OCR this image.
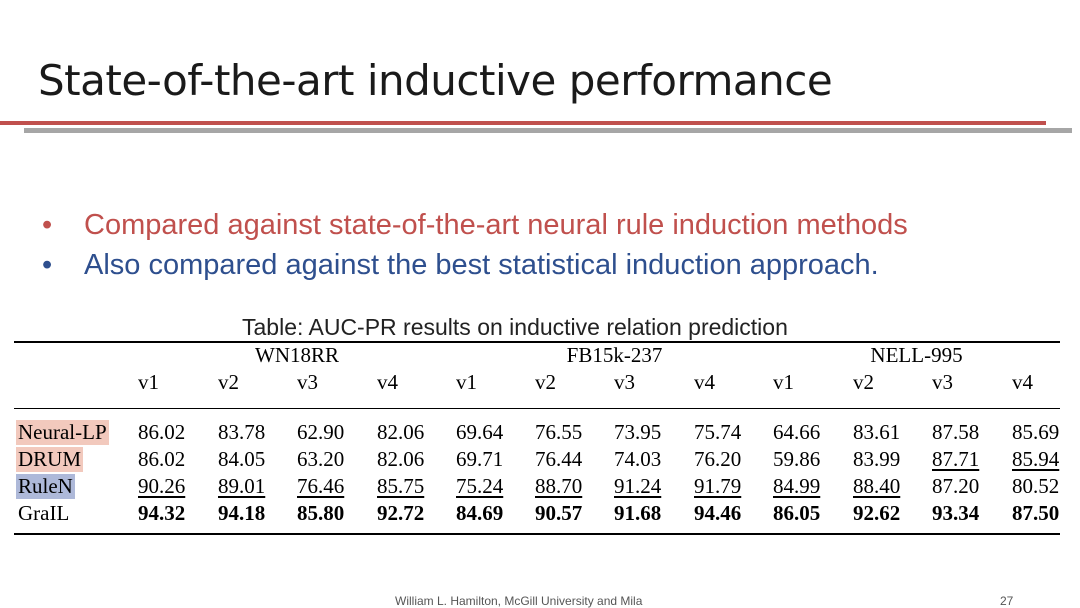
State-of-the-art inductive performance
• Compared against state-of-the-art neural rule induction methods
• Also compared against the best statistical induction approach.
Table: AUC-PR results on inductive relation prediction
	WN18RR				FB15k-237				NELL-995			
	v1	v2	v3	v4	v1	v2	v3	v4	v1	v2	v3	v4

Neural-LP	86.02	83.78	62.90	82.06	69.64	76.55	73.95	75.74	64.66	83.61	87.58	85.69
DRUM	86.02	84.05	63.20	82.06	69.71	76.44	74.03	76.20	59.86	83.99	87.71	85.94
RuleN	90.26	89.01	76.46	85.75	75.24	88.70	91.24	91.79	84.99	88.40	87.20	80.52
GraIL	94.32	94.18	85.80	92.72	84.69	90.57	91.68	94.46	86.05	92.62	93.34	87.50
William L. Hamilton, McGill University and Mila	27
